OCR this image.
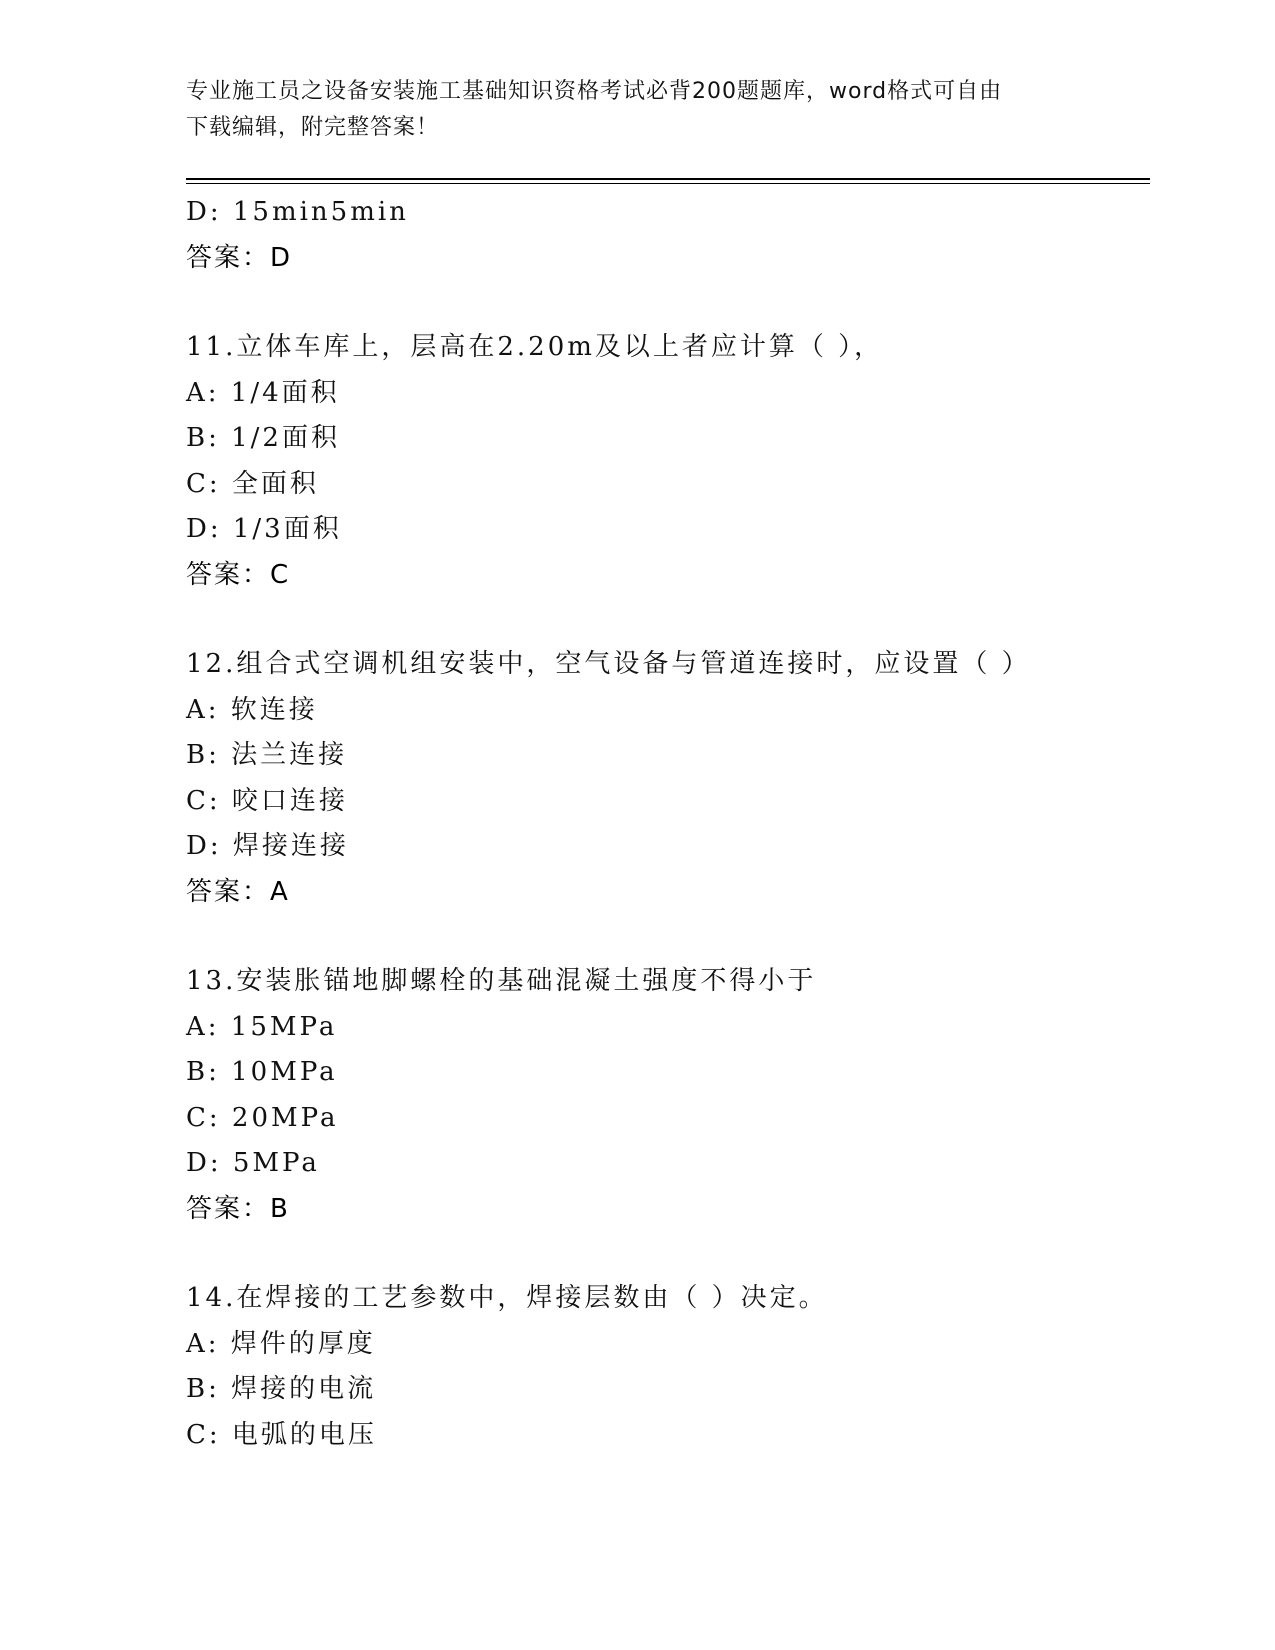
专业施工员之设备安装施工基础知识资格考试必背200题题库，word格式可自由
下载编辑，附完整答案！
D: 15min5min
答案：D
11.立体车库上，层高在2.20m及以上者应计算（ ），
A: 1/4面积
B: 1/2面积
C: 全面积
D: 1/3面积
答案：C
12.组合式空调机组安装中，空气设备与管道连接时，应设置（ ）
A: 软连接
B: 法兰连接
C: 咬口连接
D: 焊接连接
答案：A
13.安装胀锚地脚螺栓的基础混凝土强度不得小于
A: 15MPa
B: 10MPa
C: 20MPa
D: 5MPa
答案：B
14.在焊接的工艺参数中，焊接层数由（ ）决定。
A: 焊件的厚度
B: 焊接的电流
C: 电弧的电压
